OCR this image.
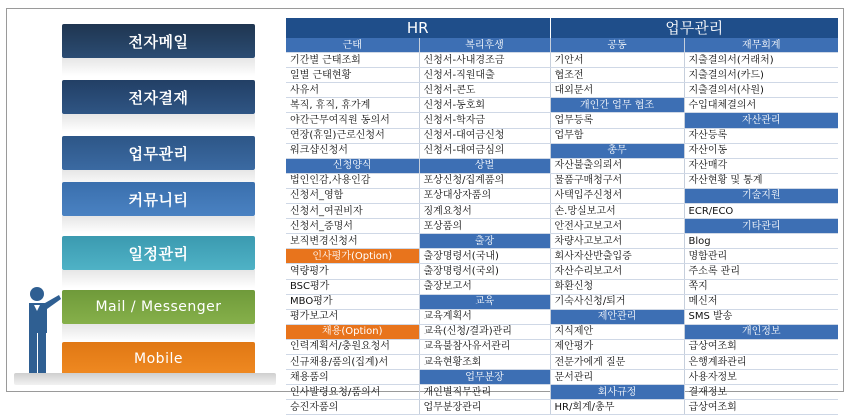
전자메일
전자결재
업무관리
커뮤니티
일정관리
Mail / Messenger
Mobile
HR		업무관리	
근태	복리후생	공동	재무회계
기간별 근태조회	신청서-사내경조금	기안서	지출결의서(거래처)
일별 근태현황	신청서-직원대출	협조전	지출결의서(카드)
사유서	신청서-콘도	대외문서	지출결의서(사원)
복직, 휴직, 휴가계	신청서-동호회	개인간 업무 협조	수입대체결의서
야간근무여직원 동의서	신청서-학자금	업무등록	자산관리
연장(휴일)근로신청서	신청서-대여금신청	업무함	자산등록
워크샵신청서	신청서-대여금심의	총무	자산이동
신청양식	상벌	자산불출의뢰서	자산매각
법인인감,사용인감	포상신청/집계품의	물품구매청구서	자산현황 및 통계
신청서_영함	포상대상자품의	사택입주신청서	기술지원
신청서_여권비자	징계요청서	손.망실보고서	ECR/ECO
신청서_증명서	포상품의	안전사고보고서	기타관리
보직변경신청서	출장	차량사고보고서	Blog
인사평가(Option)	출장명령서(국내)	회사자산반출입증	명함관리
역량평가	출장명령서(국외)	자산수리보고서	주소록 관리
BSC평가	출장보고서	화환신청	쪽지
MBO평가	교육	기숙사신청/퇴거	메신저
평가보고서	교육계획서	제안관리	SMS 발송
채용(Option)	교육(신청/결과)관리	지식제안	개인정보
인력계획서/충원요청서	교육불참사유서관리	제안평가	급상여조회
신규채용/품의(집계)서	교육현황조회	전문가에게 질문	은행계좌관리
채용품의	업무분장	문서관리	사용자정보
인사발령요청/품의서	개인별직무관리	회사규정	결재정보
승진자품의	업무분장관리	HR/회계/총무	급상여조회
